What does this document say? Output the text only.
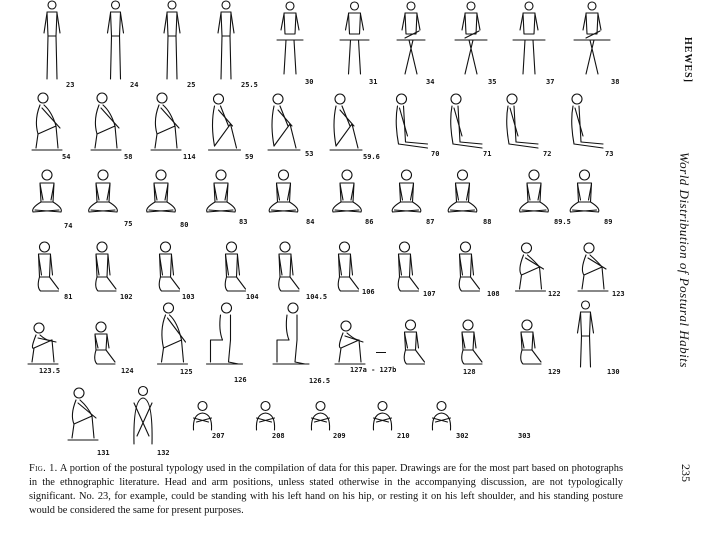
23	24	25	25.5	30	31	34	35	37	38
54	58	114	59	53	59.6	70	71	72	73
74	75	80	83	84	86	87	88	89.5	89
81	102	103	104	104.5
106	107	108	122	123
123.5	124	125
126	126.5
127a - 127b	128	129	130
131	132
207	208	209	210	302	303
Fig. 1. A portion of the postural typology used in the compilation of data for this paper. Drawings are for the most part based on photographs in the ethnographic literature. Head and arm positions, unless stated otherwise in the accompanying discussion, are not typologically significant. No. 23, for example, could be standing with his left hand on his hip, or resting it on his left shoulder, and his standing posture would be considered the same for present purposes.
HEWES]
World Distribution of Postural Habits
235
